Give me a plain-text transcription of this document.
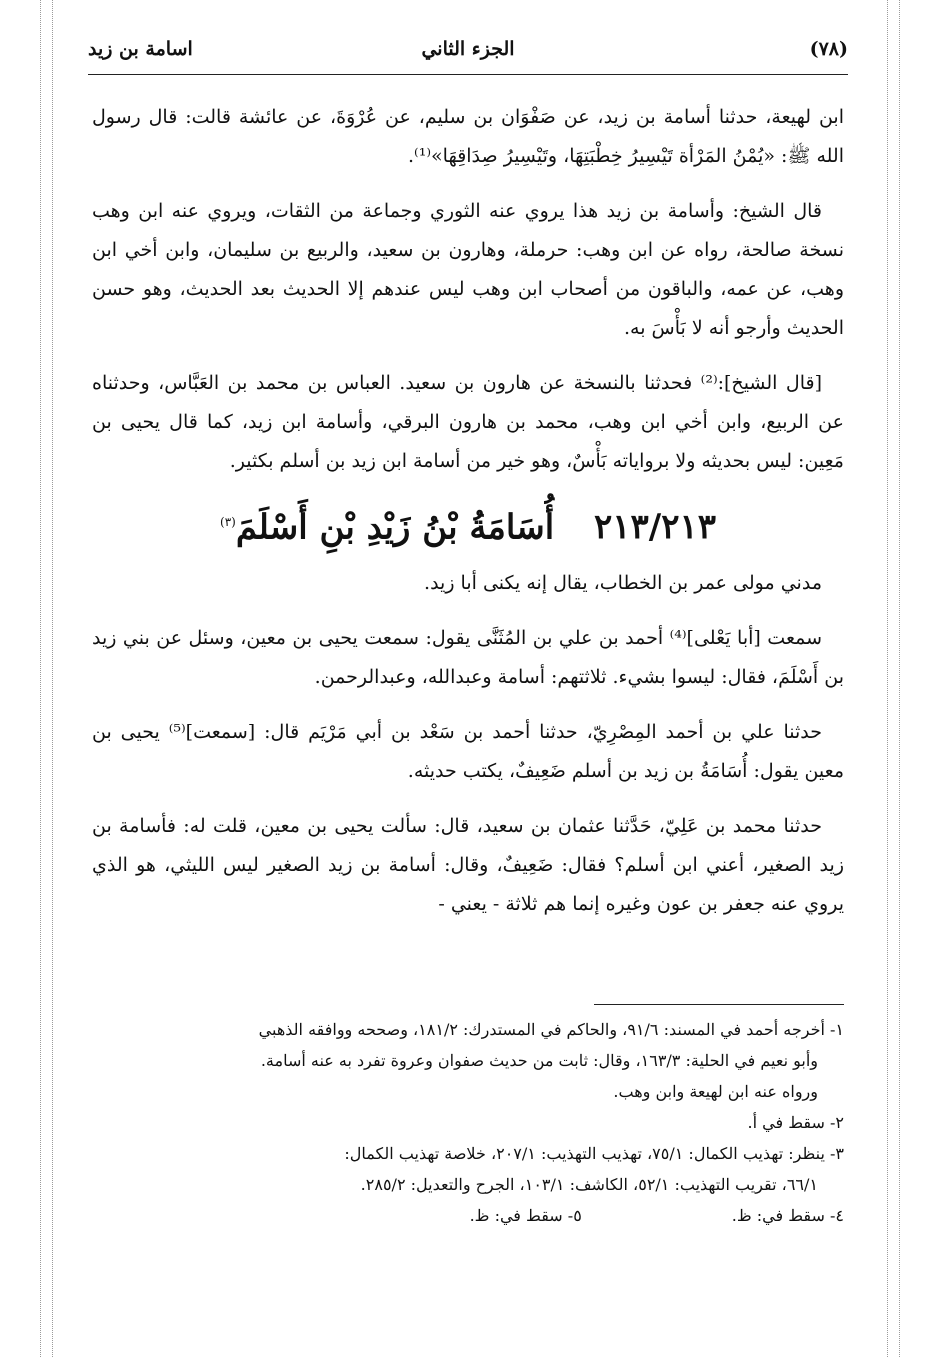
(٧٨)
الجزء الثاني
اسامة بن زيد

ابن لهيعة، حدثنا أسامة بن زيد، عن صَفْوَان بن سليم، عن عُرْوَةَ، عن عائشة قالت: قال رسول الله ﷺ: «يُمْنُ المَرْأة تَيْسِيرُ خِطْبَتِهَا، وتَيْسِيرُ صِدَاقِهَا»⁽¹⁾.

قال الشيخ: وأسامة بن زيد هذا يروي عنه الثوري وجماعة من الثقات، ويروي عنه ابن وهب نسخة صالحة، رواه عن ابن وهب: حرملة، وهارون بن سعيد، والربيع بن سليمان، وابن أخي ابن وهب، عن عمه، والباقون من أصحاب ابن وهب ليس عندهم إلا الحديث بعد الحديث، وهو حسن الحديث وأرجو أنه لا بَأْسَ به.

[قال الشيخ]:⁽²⁾ فحدثنا بالنسخة عن هارون بن سعيد. العباس بن محمد بن العَبَّاس، وحدثناه عن الربيع، وابن أخي ابن وهب، محمد بن هارون البرقي، وأسامة ابن زيد، كما قال يحيى بن مَعِين: ليس بحديثه ولا برواياته بَأْسٌ، وهو خير من أسامة ابن زيد بن أسلم بكثير.

٢١٣/٢١٣ أُسَامَةُ بْنُ زَيْدِ بْنِ أَسْلَمَ$^{(٣)}$

مدني مولى عمر بن الخطاب، يقال إنه يكنى أبا زيد.

سمعت [أبا يَعْلى]⁽⁴⁾ أحمد بن علي بن المُثَنَّى يقول: سمعت يحيى بن معين، وسئل عن بني زيد بن أَسْلَمَ، فقال: ليسوا بشيء. ثلاثتهم: أسامة وعبدالله، وعبدالرحمن.

حدثنا علي بن أحمد المِصْرِيّ، حدثنا أحمد بن سَعْد بن أبي مَرْيَم قال: [سمعت]⁽⁵⁾ يحيى بن معين يقول: أُسَامَةُ بن زيد بن أسلم ضَعِيفٌ، يكتب حديثه.

حدثنا محمد بن عَلِيّ، حَدَّثنا عثمان بن سعيد، قال: سألت يحيى بن معين، قلت له: فأسامة بن زيد الصغير، أعني ابن أسلم؟ فقال: ضَعِيفٌ، وقال: أسامة بن زيد الصغير ليس الليثي، هو الذي يروي عنه جعفر بن عون وغيره إنما هم ثلاثة - يعني -

١- أخرجه أحمد في المسند: ٩١/٦، والحاكم في المستدرك: ١٨١/٢، وصححه ووافقه الذهبي

وأبو نعيم في الحلية: ١٦٣/٣، وقال: ثابت من حديث صفوان وعروة تفرد به عنه أسامة.

ورواه عنه ابن لهيعة وابن وهب.

٢- سقط في أ.

٣- ينظر: تهذيب الكمال: ٧٥/١، تهذيب التهذيب: ٢٠٧/١، خلاصة تهذيب الكمال:

٦٦/١، تقريب التهذيب: ٥٢/١، الكاشف: ١٠٣/١، الجرح والتعديل: ٢٨٥/٢.

٤- سقط في: ظ.
٥- سقط في: ظ.
